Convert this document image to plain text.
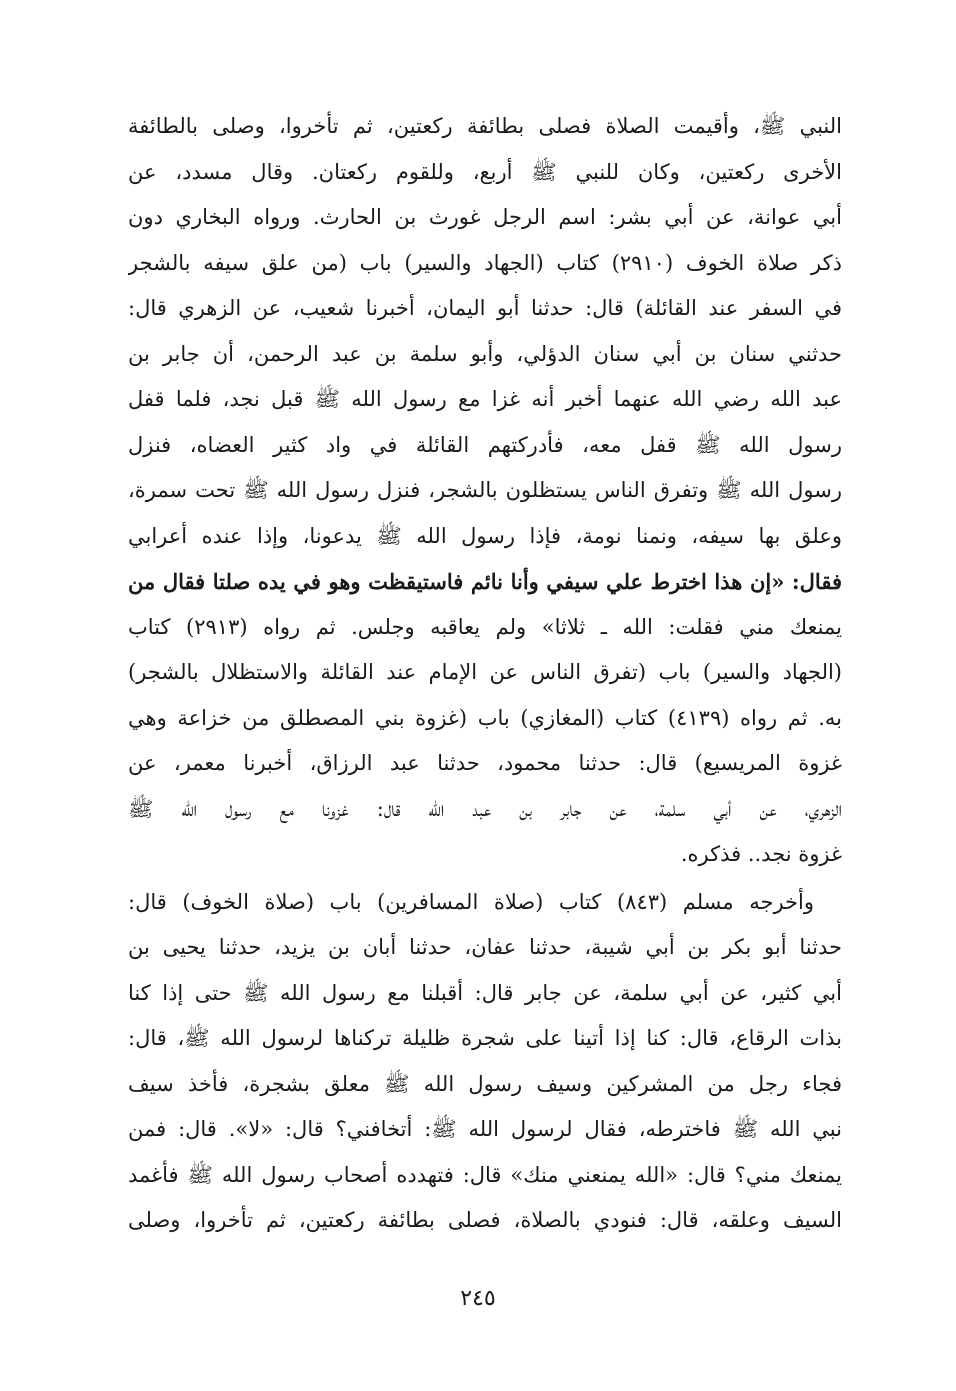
النبي ﷺ، وأقيمت الصلاة فصلى بطائفة ركعتين، ثم تأخروا، وصلى بالطائفة
الأخرى ركعتين، وكان للنبي ﷺ أربع، وللقوم ركعتان. وقال مسدد، عن
أبي عوانة، عن أبي بشر: اسم الرجل غورث بن الحارث. ورواه البخاري دون
ذكر صلاة الخوف (٢٩١٠) كتاب (الجهاد والسير) باب (من علق سيفه بالشجر
في السفر عند القائلة) قال: حدثنا أبو اليمان، أخبرنا شعيب، عن الزهري قال:
حدثني سنان بن أبي سنان الدؤلي، وأبو سلمة بن عبد الرحمن، أن جابر بن
عبد الله رضي الله عنهما أخبر أنه غزا مع رسول الله ﷺ قبل نجد، فلما قفل
رسول الله ﷺ قفل معه، فأدركتهم القائلة في واد كثير العضاه، فنزل
رسول الله ﷺ وتفرق الناس يستظلون بالشجر، فنزل رسول الله ﷺ تحت سمرة،
وعلق بها سيفه، ونمنا نومة، فإذا رسول الله ﷺ يدعونا، وإذا عنده أعرابي
فقال: «إن هذا اخترط علي سيفي وأنا نائم فاستيقظت وهو في يده صلتا فقال من
يمنعك مني فقلت: الله ـ ثلاثا» ولم يعاقبه وجلس. ثم رواه (٢٩١٣) كتاب
(الجهاد والسير) باب (تفرق الناس عن الإمام عند القائلة والاستظلال بالشجر)
به. ثم رواه (٤١٣٩) كتاب (المغازي) باب (غزوة بني المصطلق من خزاعة وهي
غزوة المريسيع) قال: حدثنا محمود، حدثنا عبد الرزاق، أخبرنا معمر، عن
الزهري، عن أبي سلمة، عن جابر بن عبد الله قال: غزونا مع رسول الله ﷺ
غزوة نجد.. فذكره.
وأخرجه مسلم (٨٤٣) كتاب (صلاة المسافرين) باب (صلاة الخوف) قال:
حدثنا أبو بكر بن أبي شيبة، حدثنا عفان، حدثنا أبان بن يزيد، حدثنا يحيى بن
أبي كثير، عن أبي سلمة، عن جابر قال: أقبلنا مع رسول الله ﷺ حتى إذا كنا
بذات الرقاع، قال: كنا إذا أتينا على شجرة ظليلة تركناها لرسول الله ﷺ، قال:
فجاء رجل من المشركين وسيف رسول الله ﷺ معلق بشجرة، فأخذ سيف
نبي الله ﷺ فاخترطه، فقال لرسول الله ﷺ: أتخافني؟ قال: «لا». قال: فمن
يمنعك مني؟ قال: «الله يمنعني منك» قال: فتهدده أصحاب رسول الله ﷺ فأغمد
السيف وعلقه، قال: فنودي بالصلاة، فصلى بطائفة ركعتين، ثم تأخروا، وصلى
٢٤٥
